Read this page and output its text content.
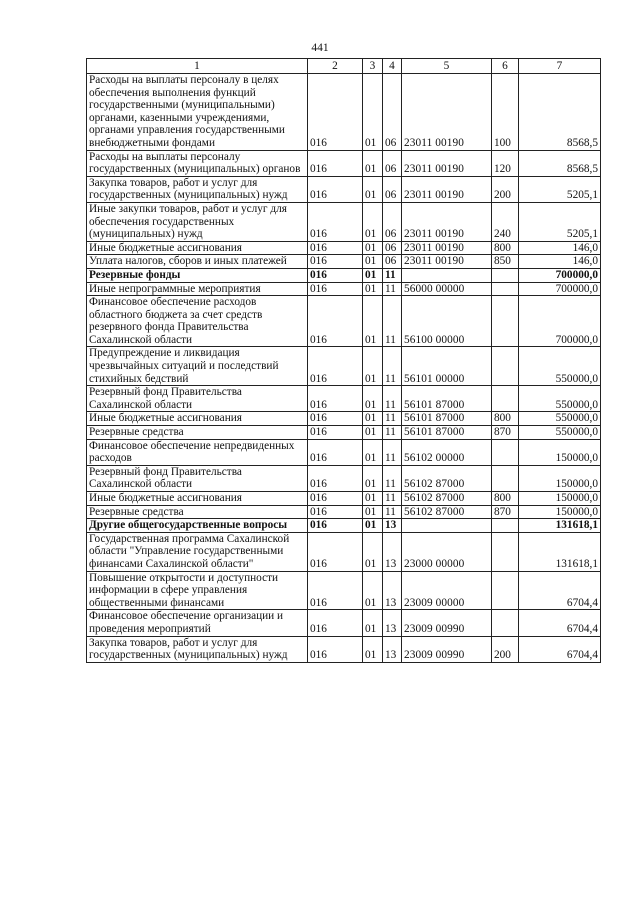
441
1	2	3	4	5	6	7
Расходы на выплаты персоналу в целях обеспечения выполнения функций государственными (муниципальными) органами, казенными учреждениями, органами управления государственными внебюджетными фондами	016	01	06	23011 00190	100	8568,5
Расходы на выплаты персоналу государственных (муниципальных) органов	016	01	06	23011 00190	120	8568,5
Закупка товаров, работ и услуг для государственных (муниципальных) нужд	016	01	06	23011 00190	200	5205,1
Иные закупки товаров, работ и услуг для обеспечения государственных (муниципальных) нужд	016	01	06	23011 00190	240	5205,1
Иные бюджетные ассигнования	016	01	06	23011 00190	800	146,0
Уплата налогов, сборов и иных платежей	016	01	06	23011 00190	850	146,0
Резервные фонды	016	01	11			700000,0
Иные непрограммные мероприятия	016	01	11	56000 00000		700000,0
Финансовое обеспечение расходов областного бюджета за счет средств резервного фонда Правительства Сахалинской области	016	01	11	56100 00000		700000,0
Предупреждение и ликвидация чрезвычайных ситуаций и последствий стихийных бедствий	016	01	11	56101 00000		550000,0
Резервный фонд Правительства Сахалинской области	016	01	11	56101 87000		550000,0
Иные бюджетные ассигнования	016	01	11	56101 87000	800	550000,0
Резервные средства	016	01	11	56101 87000	870	550000,0
Финансовое обеспечение непредвиденных расходов	016	01	11	56102 00000		150000,0
Резервный фонд Правительства Сахалинской области	016	01	11	56102 87000		150000,0
Иные бюджетные ассигнования	016	01	11	56102 87000	800	150000,0
Резервные средства	016	01	11	56102 87000	870	150000,0
Другие общегосударственные вопросы	016	01	13			131618,1
Государственная программа Сахалинской области "Управление государственными финансами Сахалинской области"	016	01	13	23000 00000		131618,1
Повышение открытости и доступности информации в сфере управления общественными финансами	016	01	13	23009 00000		6704,4
Финансовое обеспечение организации и проведения мероприятий	016	01	13	23009 00990		6704,4
Закупка товаров, работ и услуг для государственных (муниципальных) нужд	016	01	13	23009 00990	200	6704,4
